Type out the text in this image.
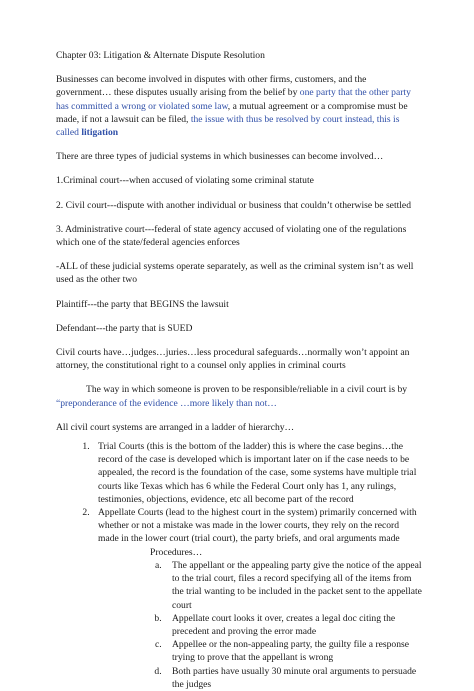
Chapter 03: Litigation & Alternate Dispute Resolution

Businesses can become involved in disputes with other firms, customers, and the government… these disputes usually arising from the belief by one party that the other party has committed a wrong or violated some law, a mutual agreement or a compromise must be made, if not a lawsuit can be filed, the issue with thus be resolved by court instead, this is called litigation

There are three types of judicial systems in which businesses can become involved…

1.Criminal court---when accused of violating some criminal statute

2. Civil court---dispute with another individual or business that couldn’t otherwise be settled

3. Administrative court---federal of state agency accused of violating one of the regulations which one of the state/federal agencies enforces

-ALL of these judicial systems operate separately, as well as the criminal system isn’t as well used as the other two

Plaintiff---the party that BEGINS the lawsuit

Defendant---the party that is SUED

Civil courts have…judges…juries…less procedural safeguards…normally won’t appoint an attorney, the constitutional right to a counsel only applies in criminal courts

The way in which someone is proven to be responsible/reliable in a civil court is by “preponderance of the evidence …more likely than not…

All civil court systems are arranged in a ladder of hierarchy…

1. Trial Courts (this is the bottom of the ladder) this is where the case begins…the record of the case is developed which is important later on if the case needs to be appealed, the record is the foundation of the case, some systems have multiple trial courts like Texas which has 6 while the Federal Court only has 1, any rulings, testimonies, objections, evidence, etc all become part of the record
2. Appellate Courts (lead to the highest court in the system) primarily concerned with whether or not a mistake was made in the lower courts, they rely on the record made in the lower court (trial court), the party briefs, and oral arguments made
Procedures…
a. The appellant or the appealing party give the notice of the appeal to the trial court, files a record specifying all of the items from the trial wanting to be included in the packet sent to the appellate court
b. Appellate court looks it over, creates a legal doc citing the precedent and proving the error made
c. Appellee or the non-appealing party, the guilty file a response trying to prove that the appellant is wrong
d. Both parties have usually 30 minute oral arguments to persuade the judges
